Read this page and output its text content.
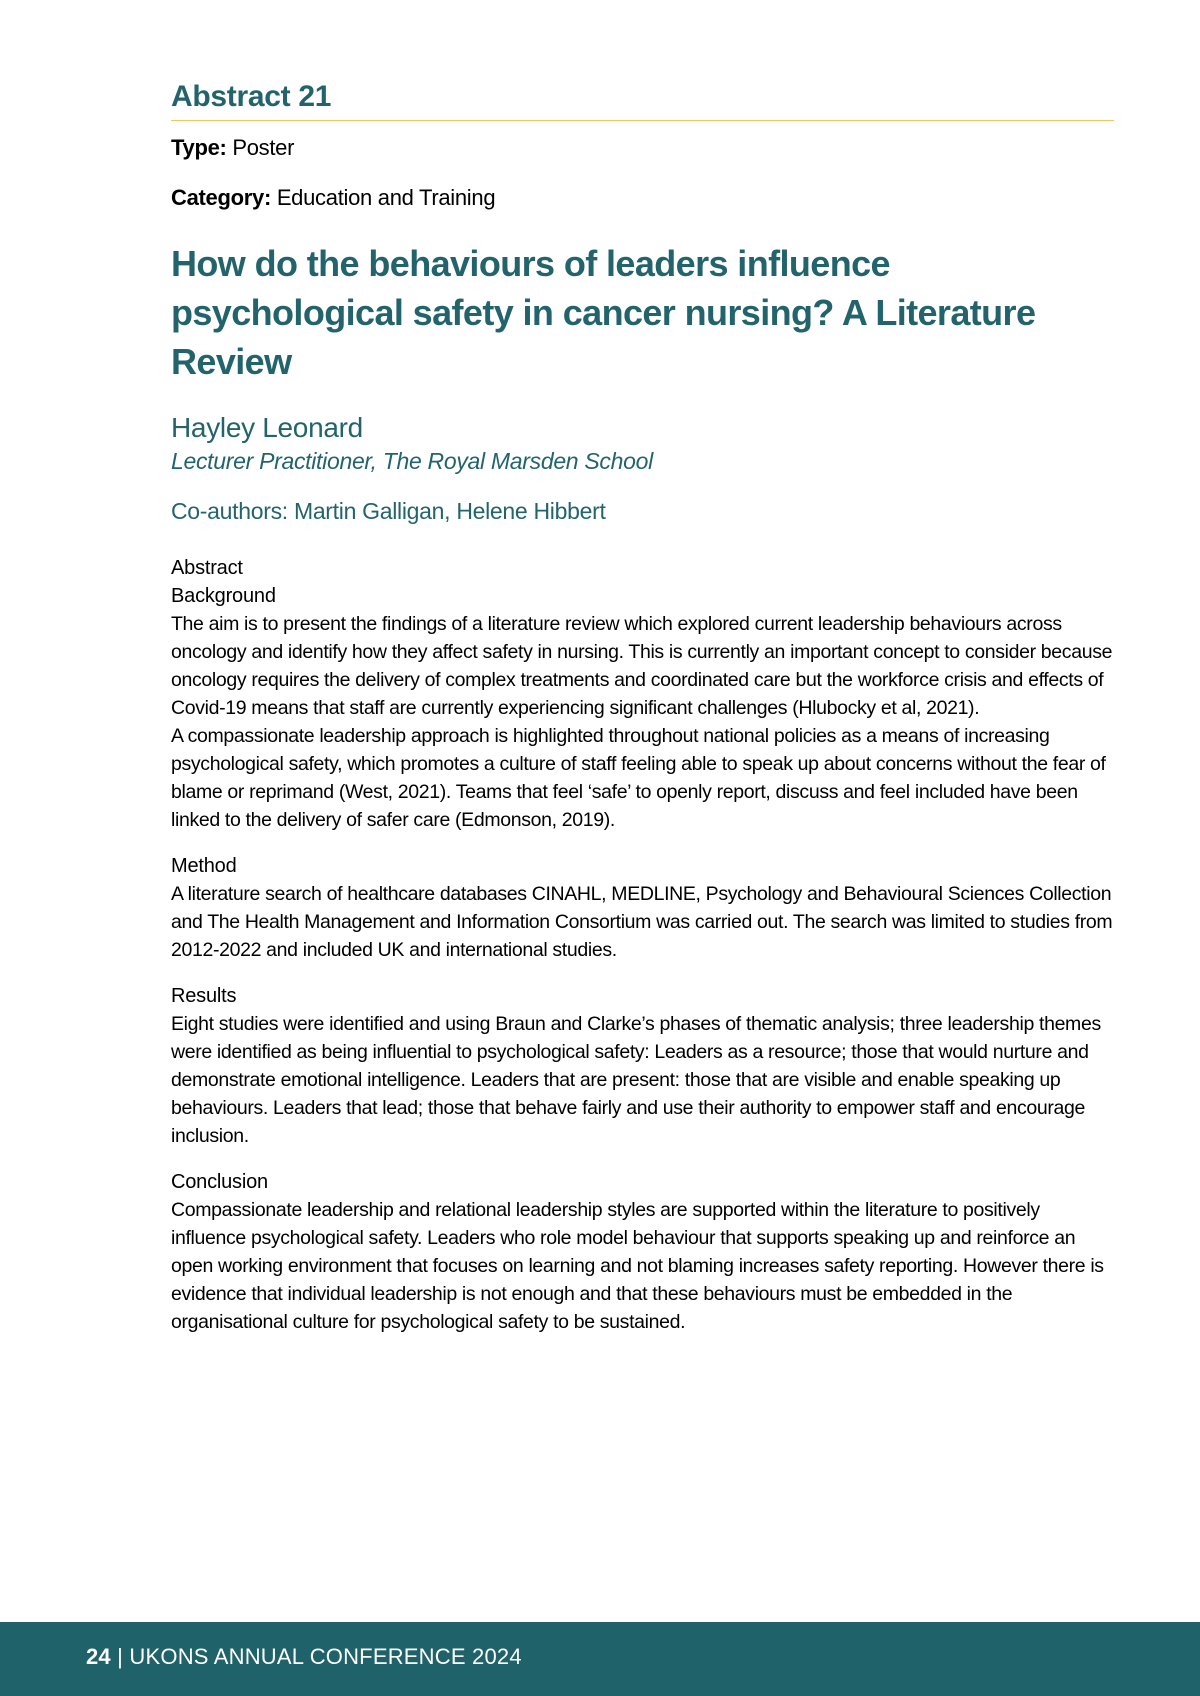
Abstract 21

Type: Poster

Category: Education and Training

How do the behaviours of leaders influence psychological safety in cancer nursing? A Literature Review

Hayley Leonard

Lecturer Practitioner, The Royal Marsden School

Co-authors: Martin Galligan, Helene Hibbert

Abstract

Background

The aim is to present the findings of a literature review which explored current leadership behaviours across oncology and identify how they affect safety in nursing. This is currently an important concept to consider because oncology requires the delivery of complex treatments and coordinated care but the workforce crisis and effects of Covid-19 means that staff are currently experiencing significant challenges (Hlubocky et al, 2021).

A compassionate leadership approach is highlighted throughout national policies as a means of increasing psychological safety, which promotes a culture of staff feeling able to speak up about concerns without the fear of blame or reprimand (West, 2021). Teams that feel ‘safe’ to openly report, discuss and feel included have been linked to the delivery of safer care (Edmonson, 2019).

Method

A literature search of healthcare databases CINAHL, MEDLINE, Psychology and Behavioural Sciences Collection and The Health Management and Information Consortium was carried out. The search was limited to studies from 2012-2022 and included UK and international studies.

Results

Eight studies were identified and using Braun and Clarke’s phases of thematic analysis; three leadership themes were identified as being influential to psychological safety: Leaders as a resource; those that would nurture and demonstrate emotional intelligence. Leaders that are present: those that are visible and enable speaking up behaviours. Leaders that lead; those that behave fairly and use their authority to empower staff and encourage inclusion.

Conclusion

Compassionate leadership and relational leadership styles are supported within the literature to positively influence psychological safety. Leaders who role model behaviour that supports speaking up and reinforce an open working environment that focuses on learning and not blaming increases safety reporting. However there is evidence that individual leadership is not enough and that these behaviours must be embedded in the organisational culture for psychological safety to be sustained.

24 | UKONS ANNUAL CONFERENCE 2024
